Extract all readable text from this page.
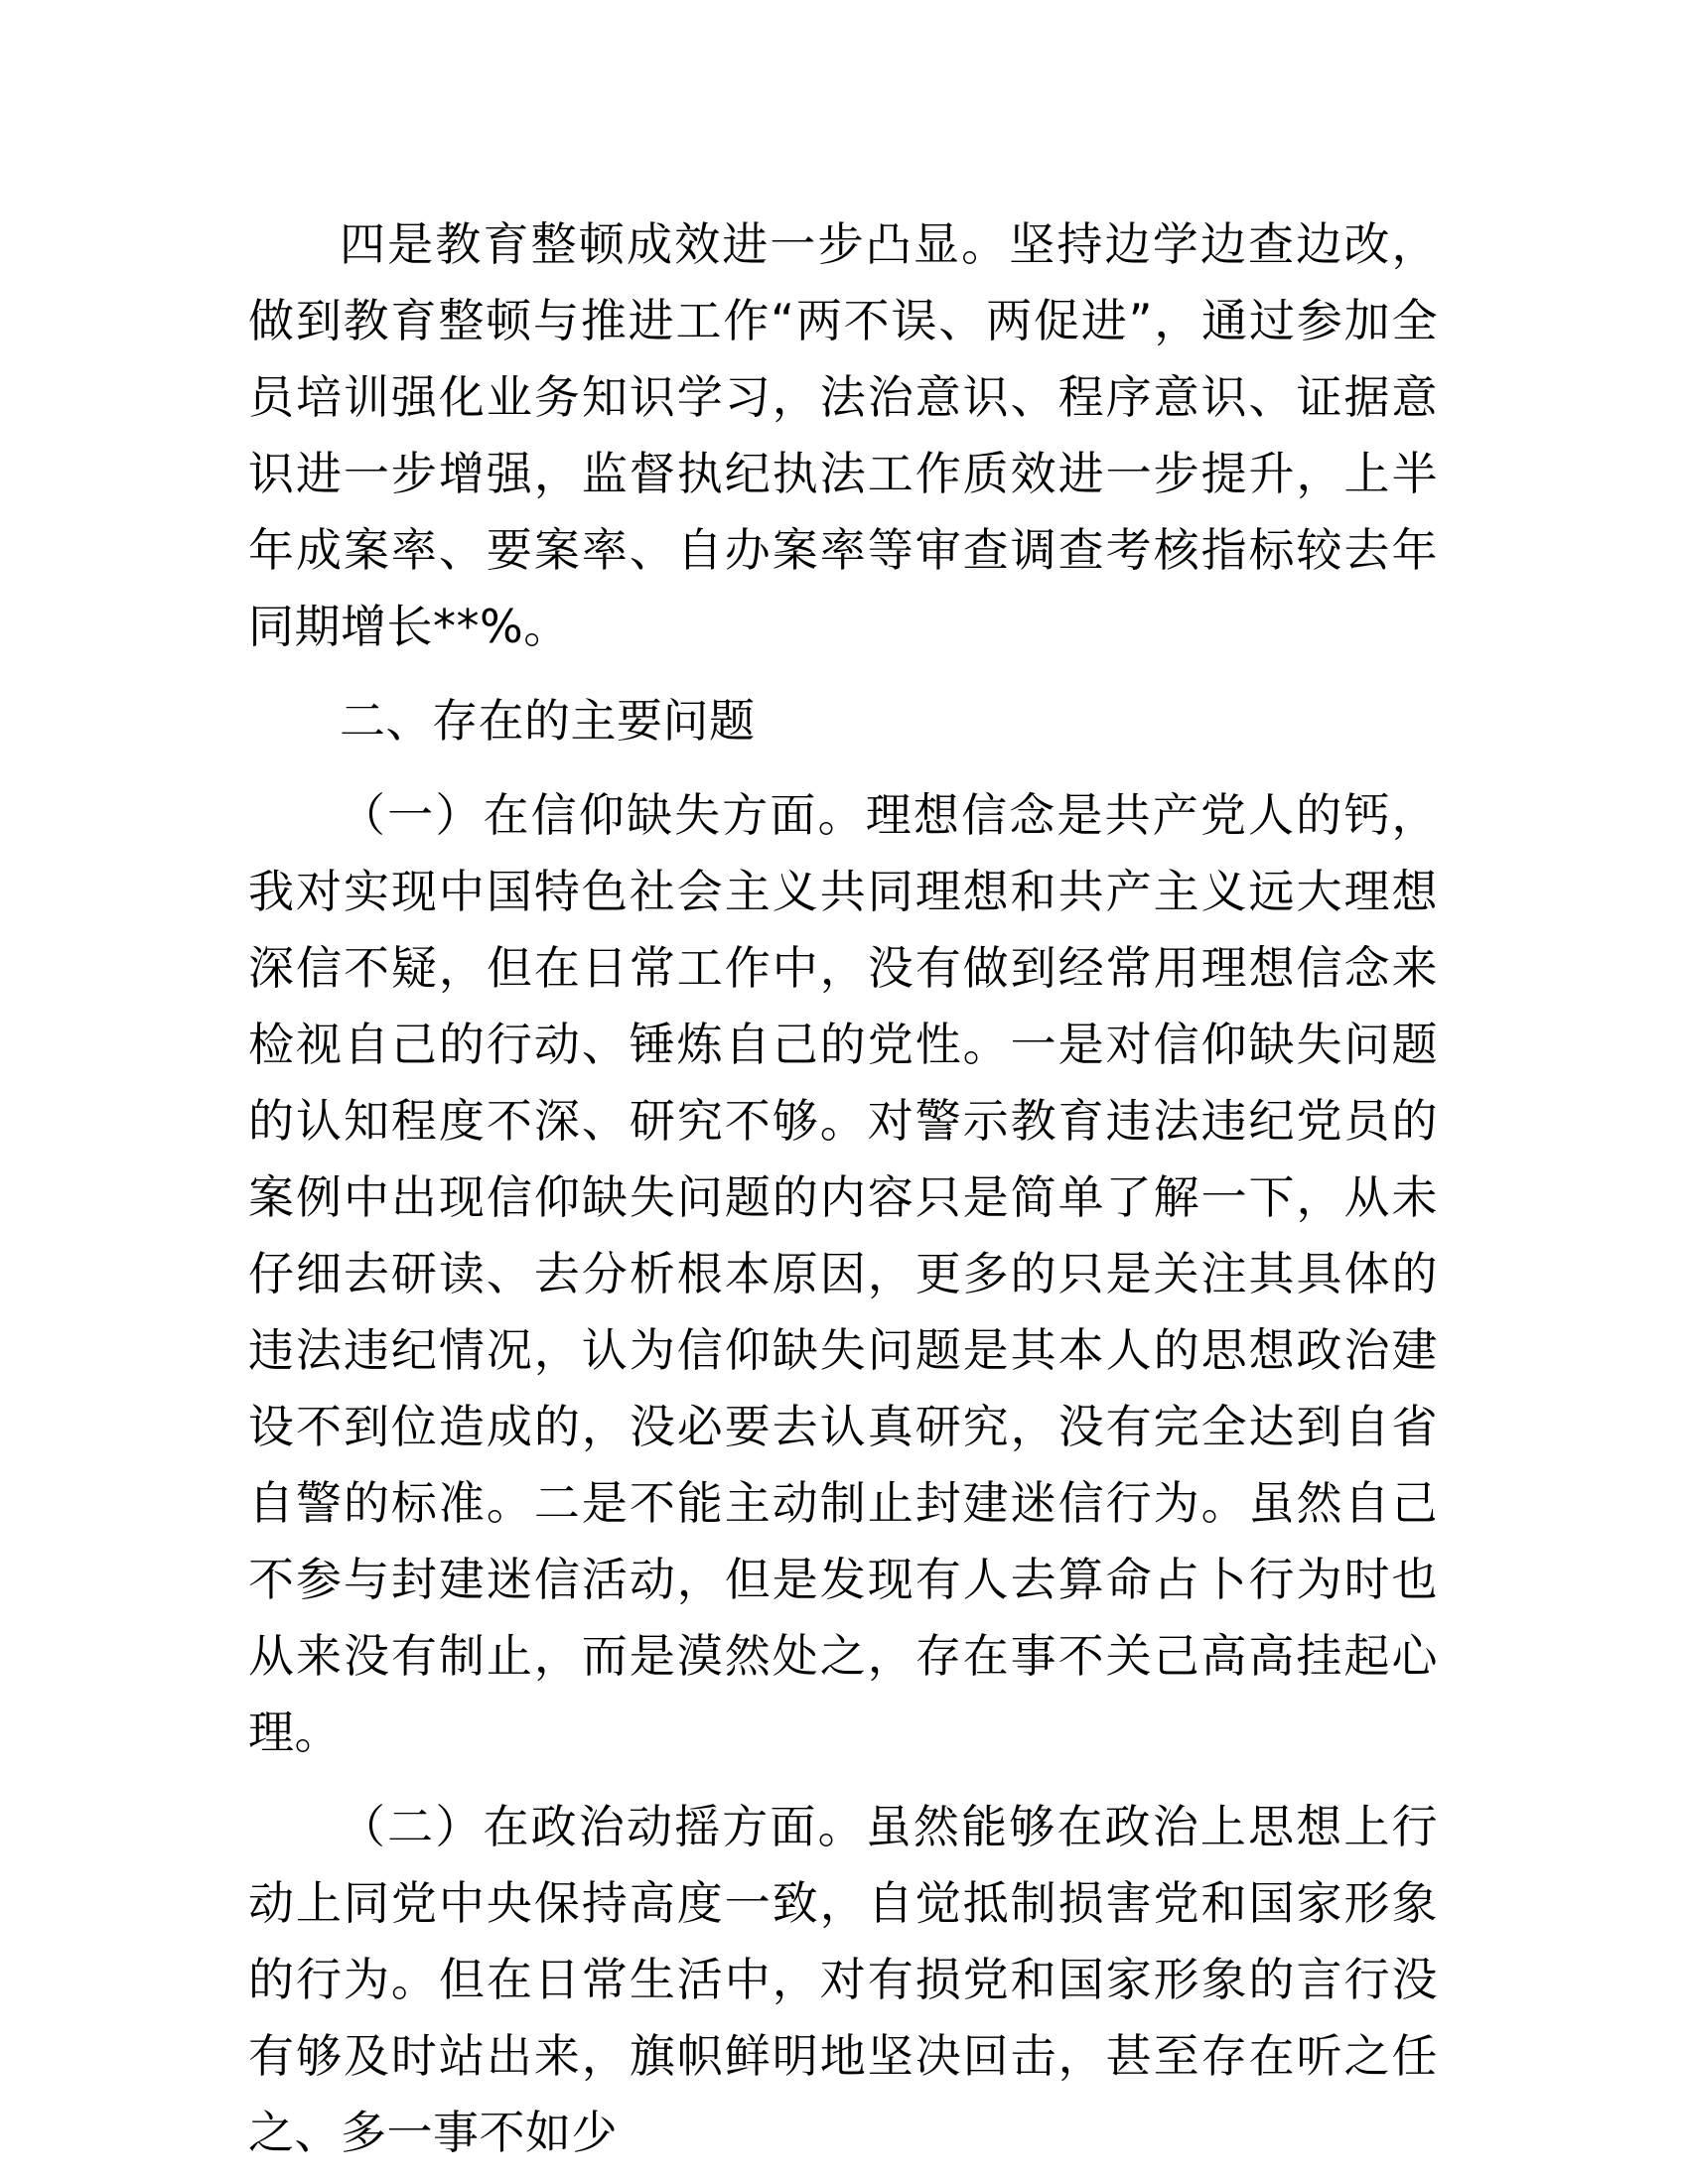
四是教育整顿成效进一步凸显。坚持边学边查边改，做到教育整顿与推进工作“两不误、两促进”，通过参加全员培训强化业务知识学习，法治意识、程序意识、证据意识进一步增强，监督执纪执法工作质效进一步提升，上半年成案率、要案率、自办案率等审查调查考核指标较去年同期增长**%。

二、存在的主要问题

（一）在信仰缺失方面。理想信念是共产党人的钙，我对实现中国特色社会主义共同理想和共产主义远大理想深信不疑，但在日常工作中，没有做到经常用理想信念来检视自己的行动、锤炼自己的党性。一是对信仰缺失问题的认知程度不深、研究不够。对警示教育违法违纪党员的案例中出现信仰缺失问题的内容只是简单了解一下，从未仔细去研读、去分析根本原因，更多的只是关注其具体的违法违纪情况，认为信仰缺失问题是其本人的思想政治建设不到位造成的，没必要去认真研究，没有完全达到自省自警的标准。二是不能主动制止封建迷信行为。虽然自己不参与封建迷信活动，但是发现有人去算命占卜行为时也从来没有制止，而是漠然处之，存在事不关己高高挂起心理。

（二）在政治动摇方面。虽然能够在政治上思想上行动上同党中央保持高度一致，自觉抵制损害党和国家形象的行为。但在日常生活中，对有损党和国家形象的言行没有够及时站出来，旗帜鲜明地坚决回击，甚至存在听之任之、多一事不如少
